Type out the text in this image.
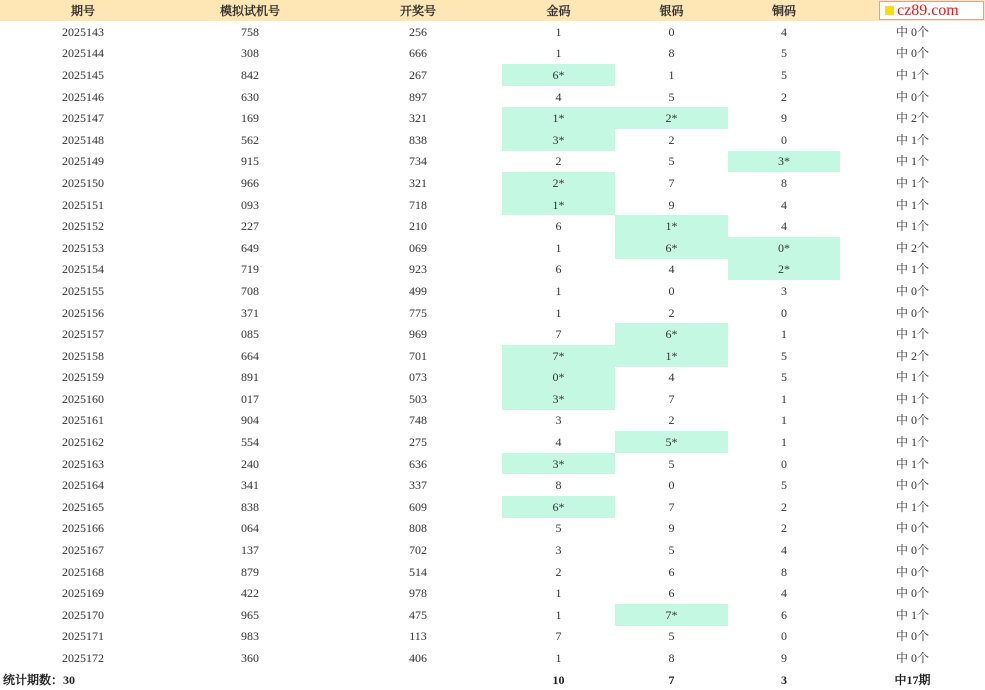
期号	模拟试机号	开奖号	金码	银码	铜码	
2025143	758	256	1	0	4	中 0个
2025144	308	666	1	8	5	中 0个
2025145	842	267	6*	1	5	中 1个
2025146	630	897	4	5	2	中 0个
2025147	169	321	1*	2*	9	中 2个
2025148	562	838	3*	2	0	中 1个
2025149	915	734	2	5	3*	中 1个
2025150	966	321	2*	7	8	中 1个
2025151	093	718	1*	9	4	中 1个
2025152	227	210	6	1*	4	中 1个
2025153	649	069	1	6*	0*	中 2个
2025154	719	923	6	4	2*	中 1个
2025155	708	499	1	0	3	中 0个
2025156	371	775	1	2	0	中 0个
2025157	085	969	7	6*	1	中 1个
2025158	664	701	7*	1*	5	中 2个
2025159	891	073	0*	4	5	中 1个
2025160	017	503	3*	7	1	中 1个
2025161	904	748	3	2	1	中 0个
2025162	554	275	4	5*	1	中 1个
2025163	240	636	3*	5	0	中 1个
2025164	341	337	8	0	5	中 0个
2025165	838	609	6*	7	2	中 1个
2025166	064	808	5	9	2	中 0个
2025167	137	702	3	5	4	中 0个
2025168	879	514	2	6	8	中 0个
2025169	422	978	1	6	4	中 0个
2025170	965	475	1	7*	6	中 1个
2025171	983	113	7	5	0	中 0个
2025172	360	406	1	8	9	中 0个
统计期数：30			10	7	3	中17期
cz89.com
